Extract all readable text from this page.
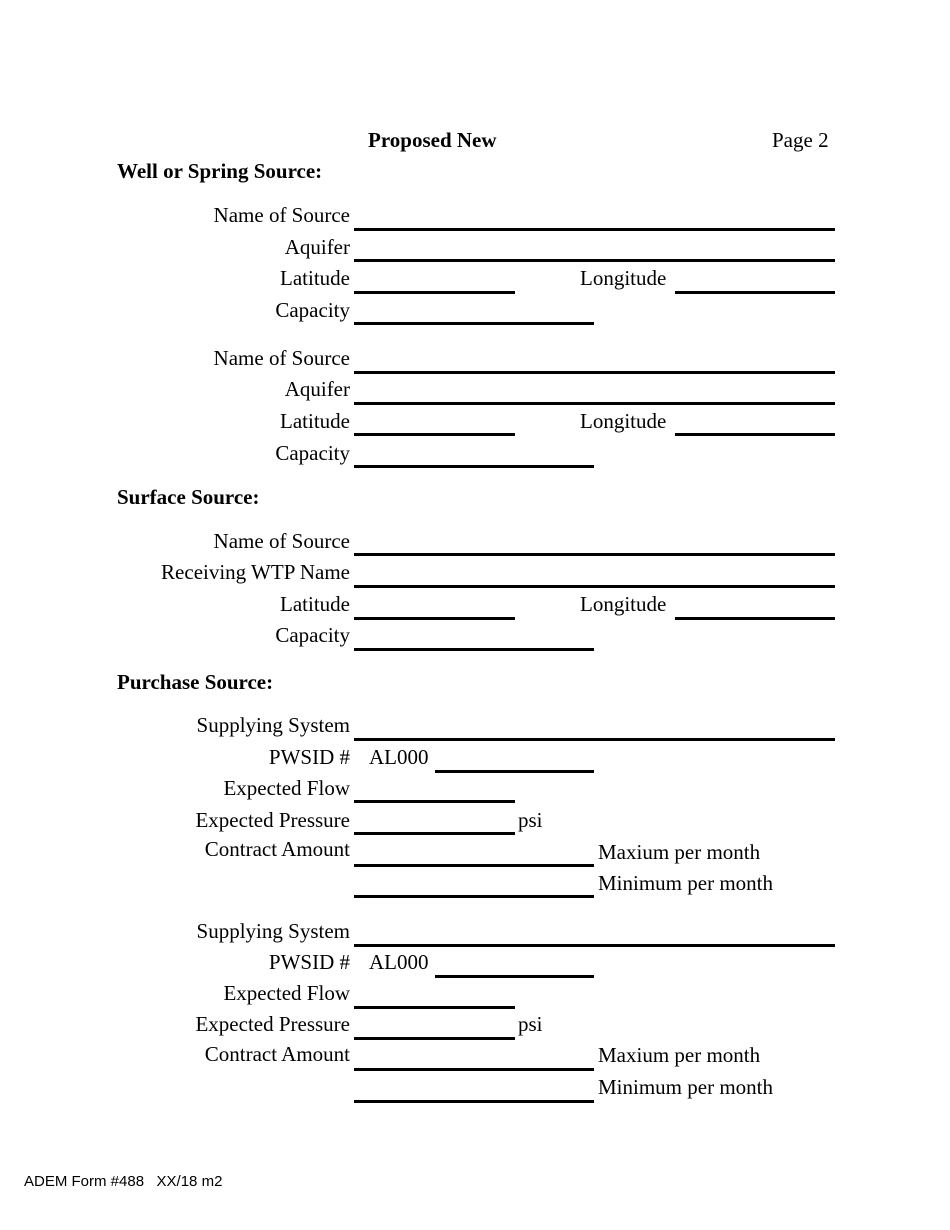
Proposed New	Page 2
Well or Spring Source:
Name of Source
Aquifer
Latitude	Longitude
Capacity
Name of Source
Aquifer
Latitude	Longitude
Capacity
Surface Source:
Name of Source
Receiving WTP Name
Latitude	Longitude
Capacity
Purchase Source:
Supplying System
PWSID # AL000
Expected Flow
Expected Pressure	psi
Contract Amount	Maxium per month
Minimum per month
Supplying System
PWSID # AL000
Expected Flow
Expected Pressure	psi
Contract Amount	Maxium per month
Minimum per month
ADEM Form #488   XX/18 m2
